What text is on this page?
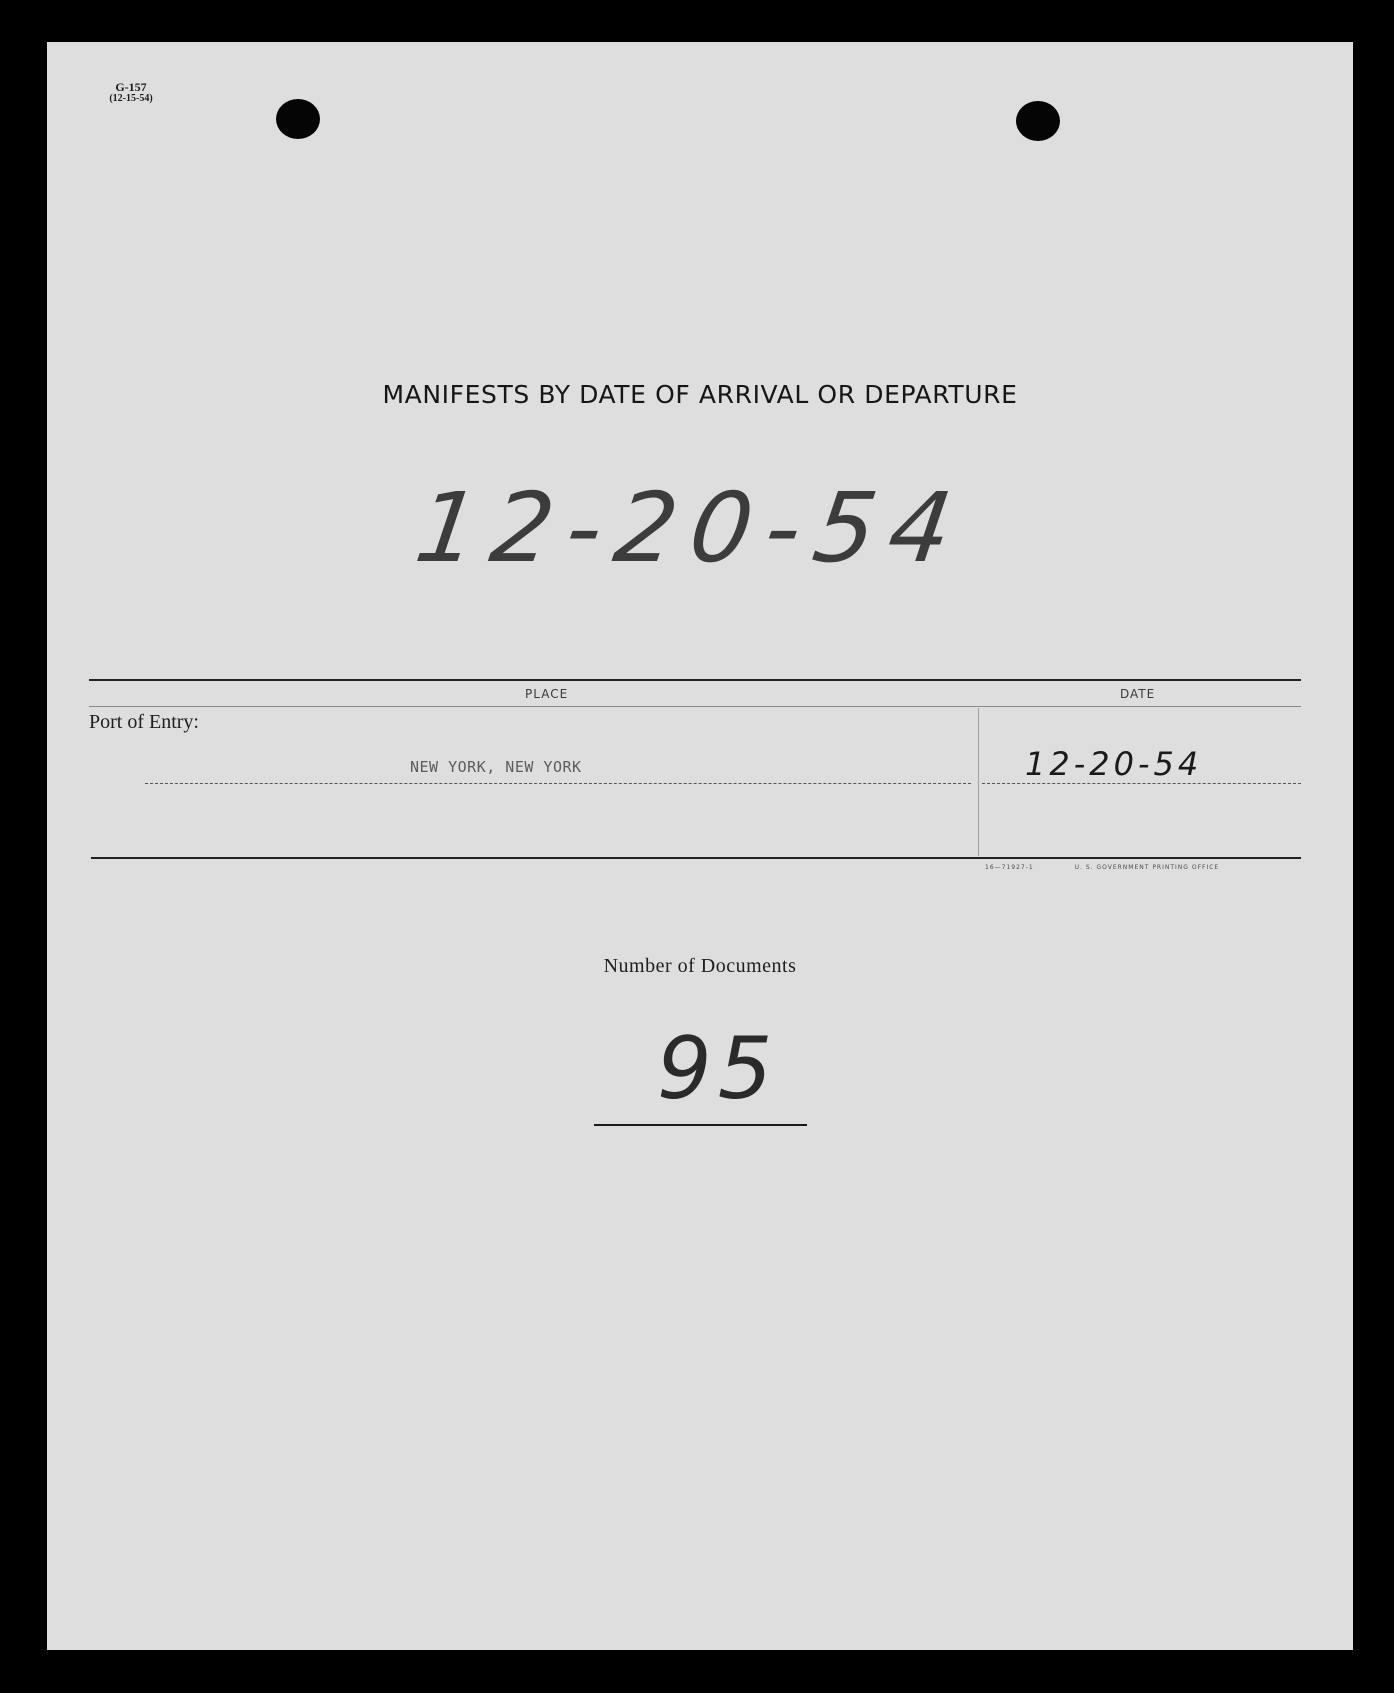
G-157
(12-15-54)
MANIFESTS BY DATE OF ARRIVAL OR DEPARTURE
12-20-54
PLACE	DATE
Port of Entry:
NEW YORK, NEW YORK	12-20-54
16—71927-1	U. S. GOVERNMENT PRINTING OFFICE
Number of Documents
95
